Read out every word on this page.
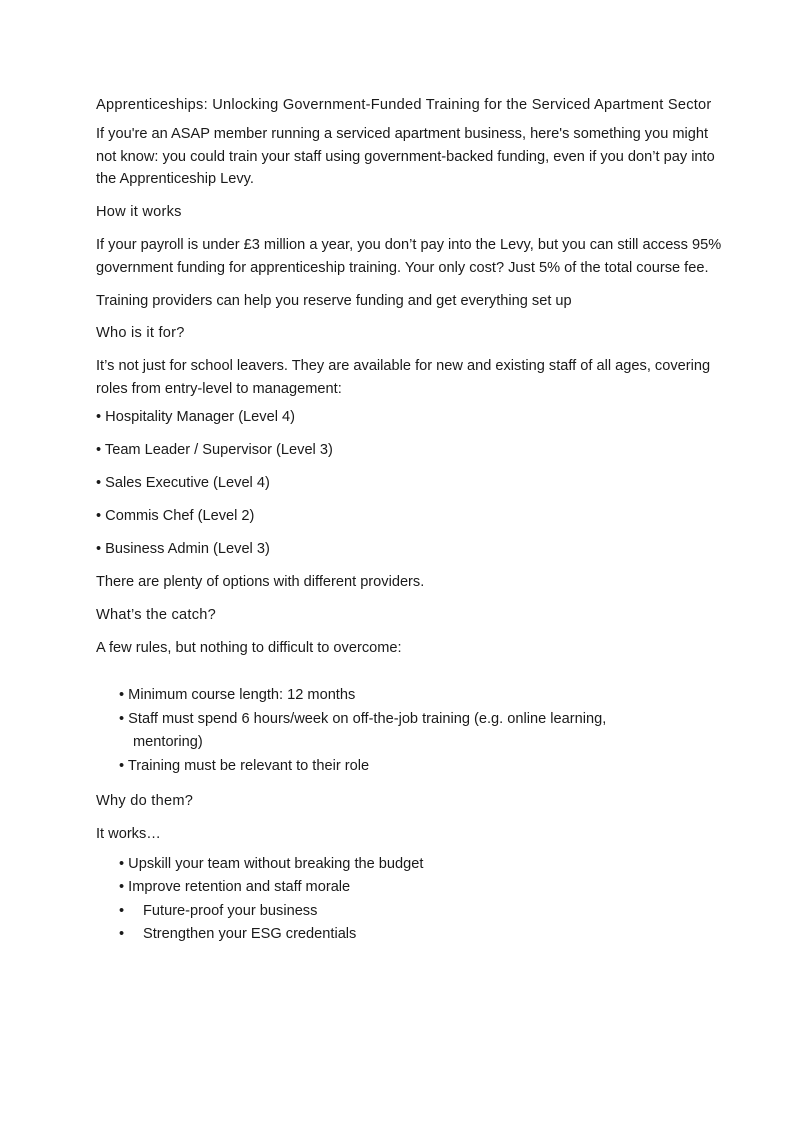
Apprenticeships: Unlocking Government-Funded Training for the Serviced Apartment Sector

If you're an ASAP member running a serviced apartment business, here's something you might not know: you could train your staff using government-backed funding, even if you don’t pay into the Apprenticeship Levy.

How it works

If your payroll is under £3 million a year, you don’t pay into the Levy, but you can still access 95% government funding for apprenticeship training. Your only cost? Just 5% of the total course fee.

Training providers can help you reserve funding and get everything set up

Who is it for?

It’s not just for school leavers. They are available for new and existing staff of all ages, covering roles from entry-level to management:

• Hospitality Manager (Level 4)
• Team Leader / Supervisor (Level 3)
• Sales Executive (Level 4)
• Commis Chef (Level 2)
• Business Admin (Level 3)

There are plenty of options with different providers.

What’s the catch?

A few rules, but nothing to difficult to overcome:

• Minimum course length: 12 months
• Staff must spend 6 hours/week on off-the-job training (e.g. online learning,
mentoring)
• Training must be relevant to their role
Why do them?

It works…

• Upskill your team without breaking the budget
• Improve retention and staff morale
• Future-proof your business
• Strengthen your ESG credentials
